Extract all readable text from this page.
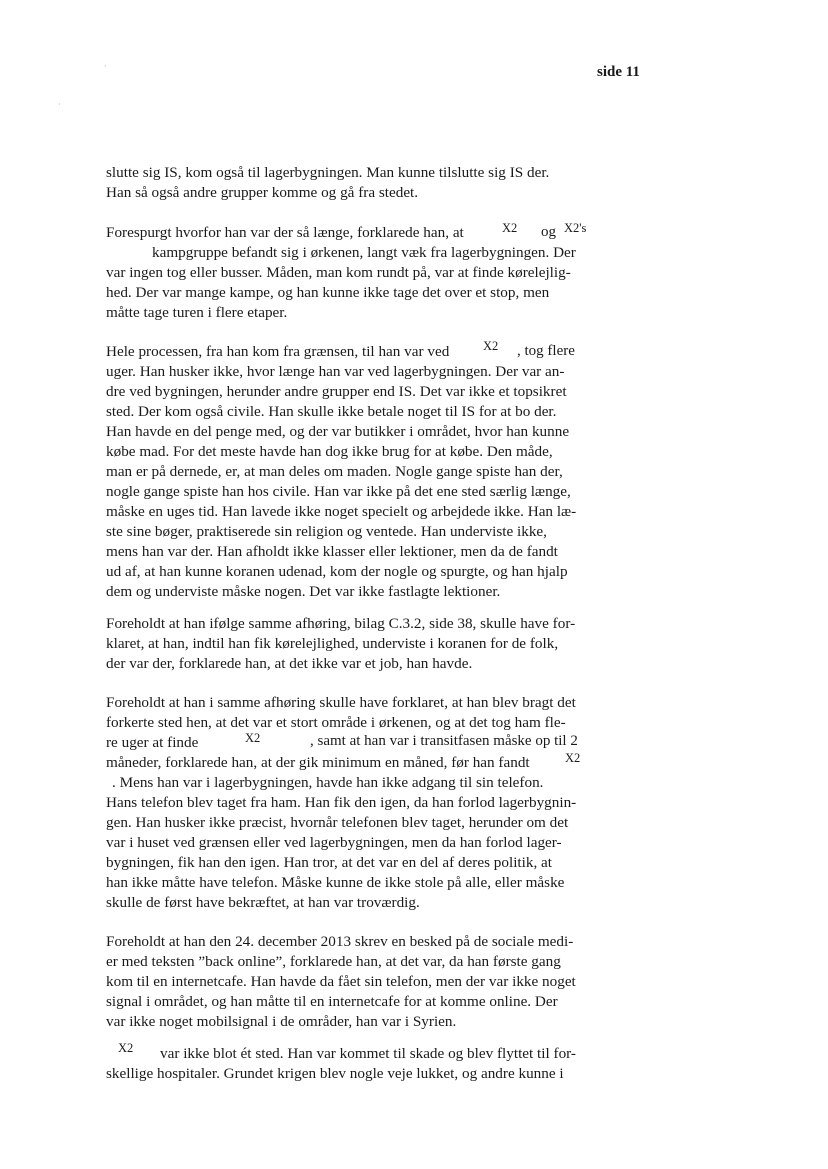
·
·
side 11
slutte sig IS, kom også til lagerbygningen. Man kunne tilslutte sig IS der.
Han så også andre grupper komme og gå fra stedet.
Forespurgt hvorfor han var der så længe, forklarede han, at	X2 og X2's
kampgruppe befandt sig i ørkenen, langt væk fra lagerbygningen. Der
var ingen tog eller busser. Måden, man kom rundt på, var at finde kørelejlig-
hed. Der var mange kampe, og han kunne ikke tage det over et stop, men
måtte tage turen i flere etaper.
Hele processen, fra han kom fra grænsen, til han var ved	X2 , tog flere
uger. Han husker ikke, hvor længe han var ved lagerbygningen. Der var an-
dre ved bygningen, herunder andre grupper end IS. Det var ikke et topsikret
sted. Der kom også civile. Han skulle ikke betale noget til IS for at bo der.
Han havde en del penge med, og der var butikker i området, hvor han kunne
købe mad. For det meste havde han dog ikke brug for at købe. Den måde,
man er på dernede, er, at man deles om maden. Nogle gange spiste han der,
nogle gange spiste han hos civile. Han var ikke på det ene sted særlig længe,
måske en uges tid. Han lavede ikke noget specielt og arbejdede ikke. Han læ-
ste sine bøger, praktiserede sin religion og ventede. Han underviste ikke,
mens han var der. Han afholdt ikke klasser eller lektioner, men da de fandt
ud af, at han kunne koranen udenad, kom der nogle og spurgte, og han hjalp
dem og underviste måske nogen. Det var ikke fastlagte lektioner.
Foreholdt at han ifølge samme afhøring, bilag C.3.2, side 38, skulle have for-
klaret, at han, indtil han fik kørelejlighed, underviste i koranen for de folk,
der var der, forklarede han, at det ikke var et job, han havde.
Foreholdt at han i samme afhøring skulle have forklaret, at han blev bragt det
forkerte sted hen, at det var et stort område i ørkenen, og at det tog ham fle-
re uger at finde	X2	, samt at han var i transitfasen måske op til 2
måneder, forklarede han, at der gik minimum en måned, før han fandt	X2
. Mens han var i lagerbygningen, havde han ikke adgang til sin telefon.
Hans telefon blev taget fra ham. Han fik den igen, da han forlod lagerbygnin-
gen. Han husker ikke præcist, hvornår telefonen blev taget, herunder om det
var i huset ved grænsen eller ved lagerbygningen, men da han forlod lager-
bygningen, fik han den igen. Han tror, at det var en del af deres politik, at
han ikke måtte have telefon. Måske kunne de ikke stole på alle, eller måske
skulle de først have bekræftet, at han var troværdig.
Foreholdt at han den 24. december 2013 skrev en besked på de sociale medi-
er med teksten ”back online”, forklarede han, at det var, da han første gang
kom til en internetcafe. Han havde da fået sin telefon, men der var ikke noget
signal i området, og han måtte til en internetcafe for at komme online. Der
var ikke noget mobilsignal i de områder, han var i Syrien.
X2 var ikke blot ét sted. Han var kommet til skade og blev flyttet til for-
skellige hospitaler. Grundet krigen blev nogle veje lukket, og andre kunne i
